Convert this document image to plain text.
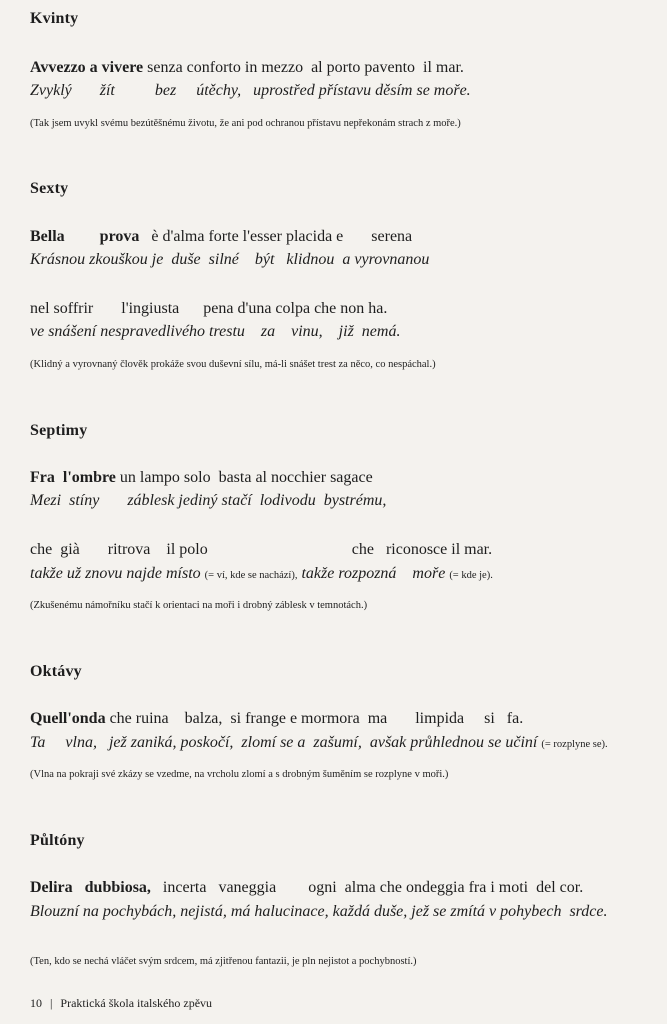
Kvinty
Avvezzo a vivere senza conforto in mezzo  al porto pavento  il mar.
Zvyklý       žít          bez     útěchy,   uprostřed přístavu děsím se moře.
(Tak jsem uvykl svému bezútěšnému životu, že ani pod ochranou přístavu nepřekonám strach z moře.)
Sexty
Bella prova   è d'alma forte l'esser placida e       serena
Krásnou zkouškou je  duše  silné    být   klidnou  a vyrovnanou
nel soffrir       l'ingiusta      pena d'una colpa che non ha.
ve snášení nespravedlivého trestu    za    vinu,    již  nemá.
(Klidný a vyrovnaný člověk prokáže svou duševní sílu, má-li snášet trest za něco, co nespáchal.)
Septimy
Fra  l'ombre un lampo solo  basta al nocchier sagace
Mezi  stíny       záblesk jediný stačí  lodivodu  bystrému,
che  già       ritrova    il polo                                    che   riconosce il mar.
takže už znovu najde místo (= ví, kde se nachází), takže rozpozná    moře (= kde je).
(Zkušenému námořníku stačí k orientaci na moři i drobný záblesk v temnotách.)
Oktávy
Quell'onda che ruina    balza,  si frange e mormora  ma       limpida     si   fa.
Ta     vlna,   jež zaniká, poskočí,  zlomí se a  zašumí,  avšak průhlednou se učiní (= rozplyne se).
(Vlna na pokraji své zkázy se vzedme, na vrcholu zlomí a s drobným šuměním se rozplyne v moři.)
Půltóny
Delira   dubbiosa,   incerta   vaneggia        ogni  alma che ondeggia fra i moti  del cor.
Blouzní na pochybách, nejistá, má halucinace, každá duše, jež se zmítá v pohybech  srdce.
(Ten, kdo se nechá vláčet svým srdcem, má zjitřenou fantazii, je pln nejistot a pochybností.)
10 | Praktická škola italského zpěvu
